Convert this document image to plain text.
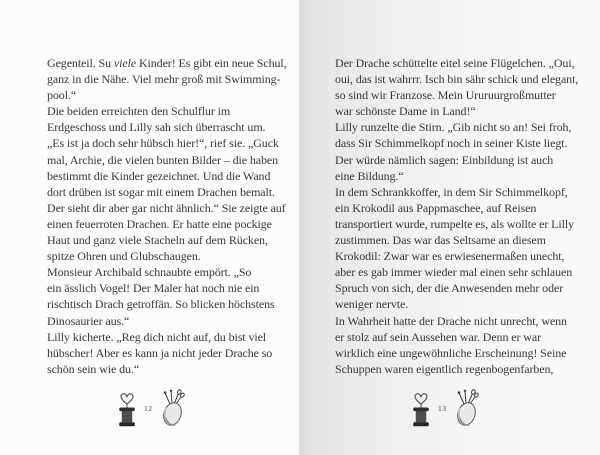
Gegenteil. Su viele Kinder! Es gibt ein neue Schul,
ganz in die Nähe. Viel mehr groß mit Swimming-
pool.“
Die beiden erreichten den Schulflur im
Erdgeschoss und Lilly sah sich überrascht um.
„Es ist ja doch sehr hübsch hier!“, rief sie. „Guck
mal, Archie, die vielen bunten Bilder – die haben
bestimmt die Kinder gezeichnet. Und die Wand
dort drüben ist sogar mit einem Drachen bemalt.
Der sieht dir aber gar nicht ähnlich.“ Sie zeigte auf
einen feuerroten Drachen. Er hatte eine pockige
Haut und ganz viele Stacheln auf dem Rücken,
spitze Ohren und Glubschaugen.
Monsieur Archibald schnaubte empört. „So
ein ässlich Vogel! Der Maler hat noch nie ein
rischtisch Drach getroffän. So blicken höchstens
Dinosaurier aus.“
Lilly kicherte. „Reg dich nicht auf, du bist viel
hübscher! Aber es kann ja nicht jeder Drache so
schön sein wie du.“
12
Der Drache schüttelte eitel seine Flügelchen. „Oui,
oui, das ist wahrrr. Isch bin sähr schick und elegant,
so sind wir Franzose. Mein Ururuurgroßmutter
war schönste Dame in Land!“
Lilly runzelte die Stirn. „Gib nicht so an! Sei froh,
dass Sir Schimmelkopf noch in seiner Kiste liegt.
Der würde nämlich sagen: Einbildung ist auch
eine Bildung.“
In dem Schrankkoffer, in dem Sir Schimmelkopf,
ein Krokodil aus Pappmaschee, auf Reisen
transportiert wurde, rumpelte es, als wollte er Lilly
zustimmen. Das war das Seltsame an diesem
Krokodil: Zwar war es erwiesenermaßen unecht,
aber es gab immer wieder mal einen sehr schlauen
Spruch von sich, der die Anwesenden mehr oder
weniger nervte.
In Wahrheit hatte der Drache nicht unrecht, wenn
er stolz auf sein Aussehen war. Denn er war
wirklich eine ungewöhnliche Erscheinung! Seine
Schuppen waren eigentlich regenbogenfarben,
13
